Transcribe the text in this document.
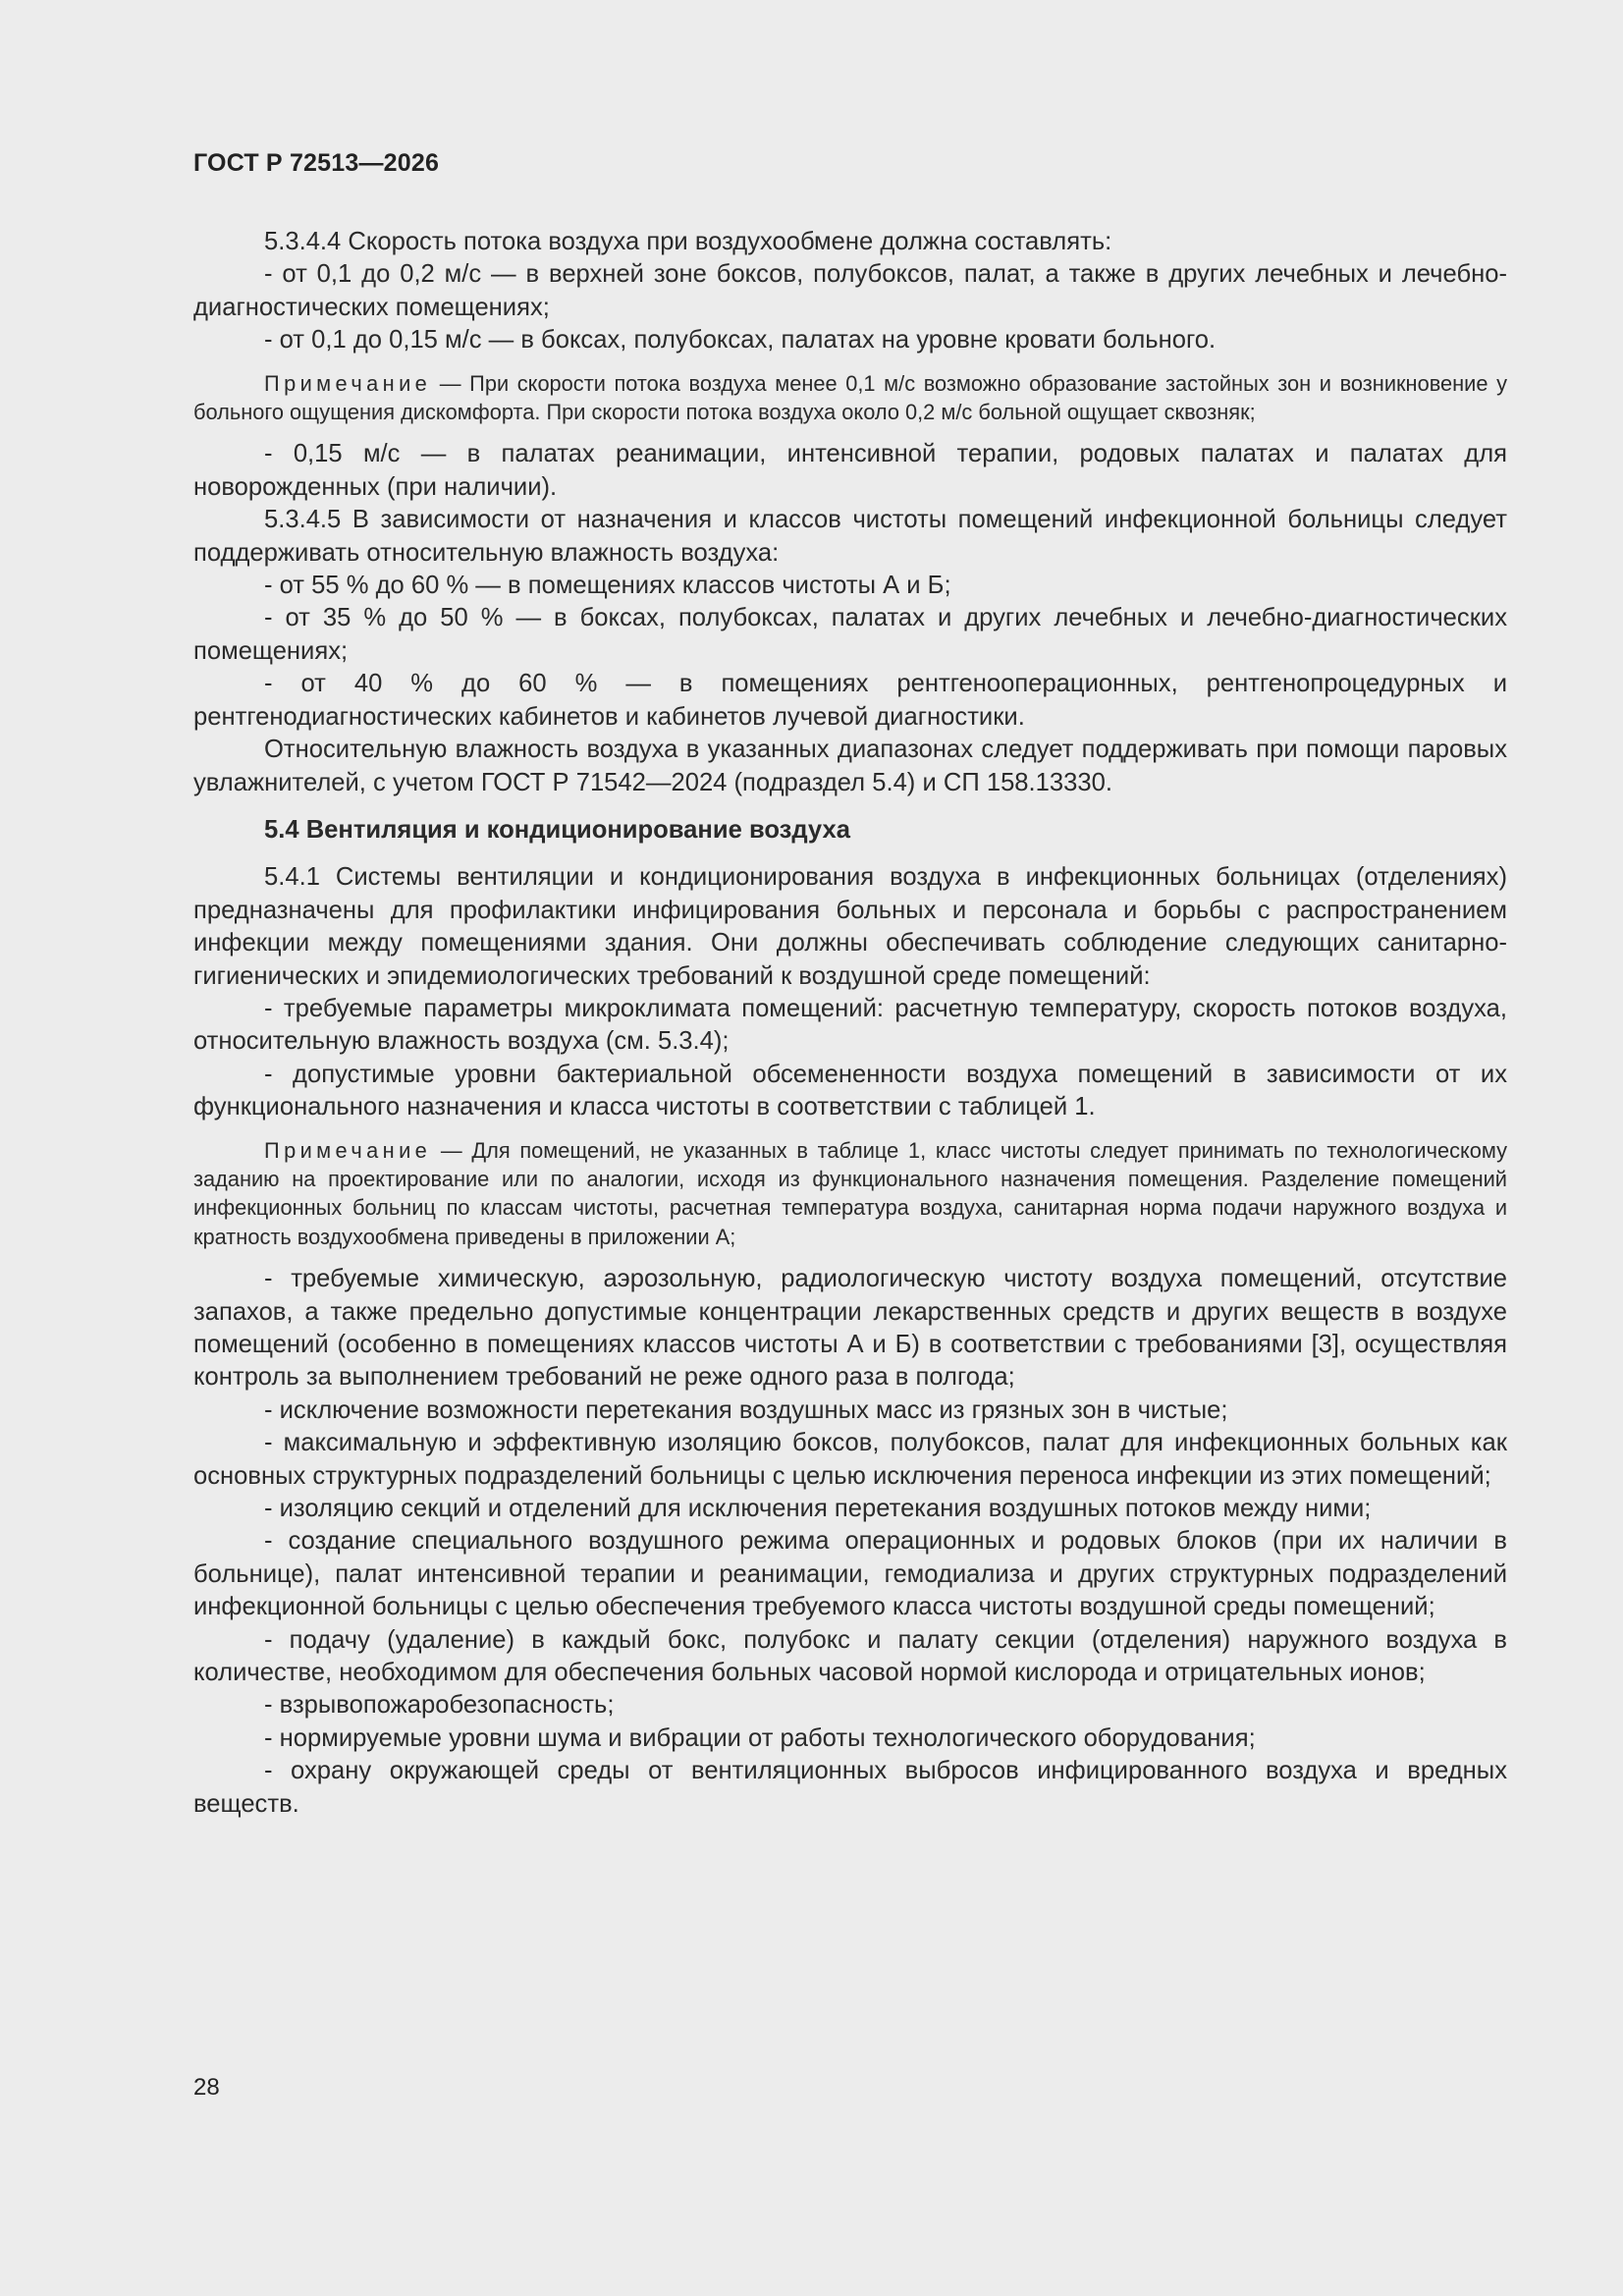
ГОСТ Р 72513—2026

5.3.4.4 Скорость потока воздуха при воздухообмене должна составлять:

- от 0,1 до 0,2 м/с — в верхней зоне боксов, полубоксов, палат, а также в других лечебных и лечебно-диагностических помещениях;

- от 0,1 до 0,15 м/с — в боксах, полубоксах, палатах на уровне кровати больного.

Примечание — При скорости потока воздуха менее 0,1 м/с возможно образование застойных зон и возникновение у больного ощущения дискомфорта. При скорости потока воздуха около 0,2 м/с больной ощущает сквозняк;

- 0,15 м/с — в палатах реанимации, интенсивной терапии, родовых палатах и палатах для новорожденных (при наличии).

5.3.4.5 В зависимости от назначения и классов чистоты помещений инфекционной больницы следует поддерживать относительную влажность воздуха:

- от 55 % до 60 % — в помещениях классов чистоты А и Б;

- от 35 % до 50 % — в боксах, полубоксах, палатах и других лечебных и лечебно-диагностических помещениях;

- от 40 % до 60 % — в помещениях рентгенооперационных, рентгенопроцедурных и рентгенодиагностических кабинетов и кабинетов лучевой диагностики.

Относительную влажность воздуха в указанных диапазонах следует поддерживать при помощи паровых увлажнителей, с учетом ГОСТ Р 71542—2024 (подраздел 5.4) и СП 158.13330.

5.4 Вентиляция и кондиционирование воздуха

5.4.1 Системы вентиляции и кондиционирования воздуха в инфекционных больницах (отделениях) предназначены для профилактики инфицирования больных и персонала и борьбы с распространением инфекции между помещениями здания. Они должны обеспечивать соблюдение следующих санитарно-гигиенических и эпидемиологических требований к воздушной среде помещений:

- требуемые параметры микроклимата помещений: расчетную температуру, скорость потоков воздуха, относительную влажность воздуха (см. 5.3.4);

- допустимые уровни бактериальной обсемененности воздуха помещений в зависимости от их функционального назначения и класса чистоты в соответствии с таблицей 1.

Примечание — Для помещений, не указанных в таблице 1, класс чистоты следует принимать по технологическому заданию на проектирование или по аналогии, исходя из функционального назначения помещения. Разделение помещений инфекционных больниц по классам чистоты, расчетная температура воздуха, санитарная норма подачи наружного воздуха и кратность воздухообмена приведены в приложении А;

- требуемые химическую, аэрозольную, радиологическую чистоту воздуха помещений, отсутствие запахов, а также предельно допустимые концентрации лекарственных средств и других веществ в воздухе помещений (особенно в помещениях классов чистоты А и Б) в соответствии с требованиями [3], осуществляя контроль за выполнением требований не реже одного раза в полгода;

- исключение возможности перетекания воздушных масс из грязных зон в чистые;

- максимальную и эффективную изоляцию боксов, полубоксов, палат для инфекционных больных как основных структурных подразделений больницы с целью исключения переноса инфекции из этих помещений;

- изоляцию секций и отделений для исключения перетекания воздушных потоков между ними;

- создание специального воздушного режима операционных и родовых блоков (при их наличии в больнице), палат интенсивной терапии и реанимации, гемодиализа и других структурных подразделений инфекционной больницы с целью обеспечения требуемого класса чистоты воздушной среды помещений;

- подачу (удаление) в каждый бокс, полубокс и палату секции (отделения) наружного воздуха в количестве, необходимом для обеспечения больных часовой нормой кислорода и отрицательных ионов;

- взрывопожаробезопасность;

- нормируемые уровни шума и вибрации от работы технологического оборудования;

- охрану окружающей среды от вентиляционных выбросов инфицированного воздуха и вредных веществ.

28
